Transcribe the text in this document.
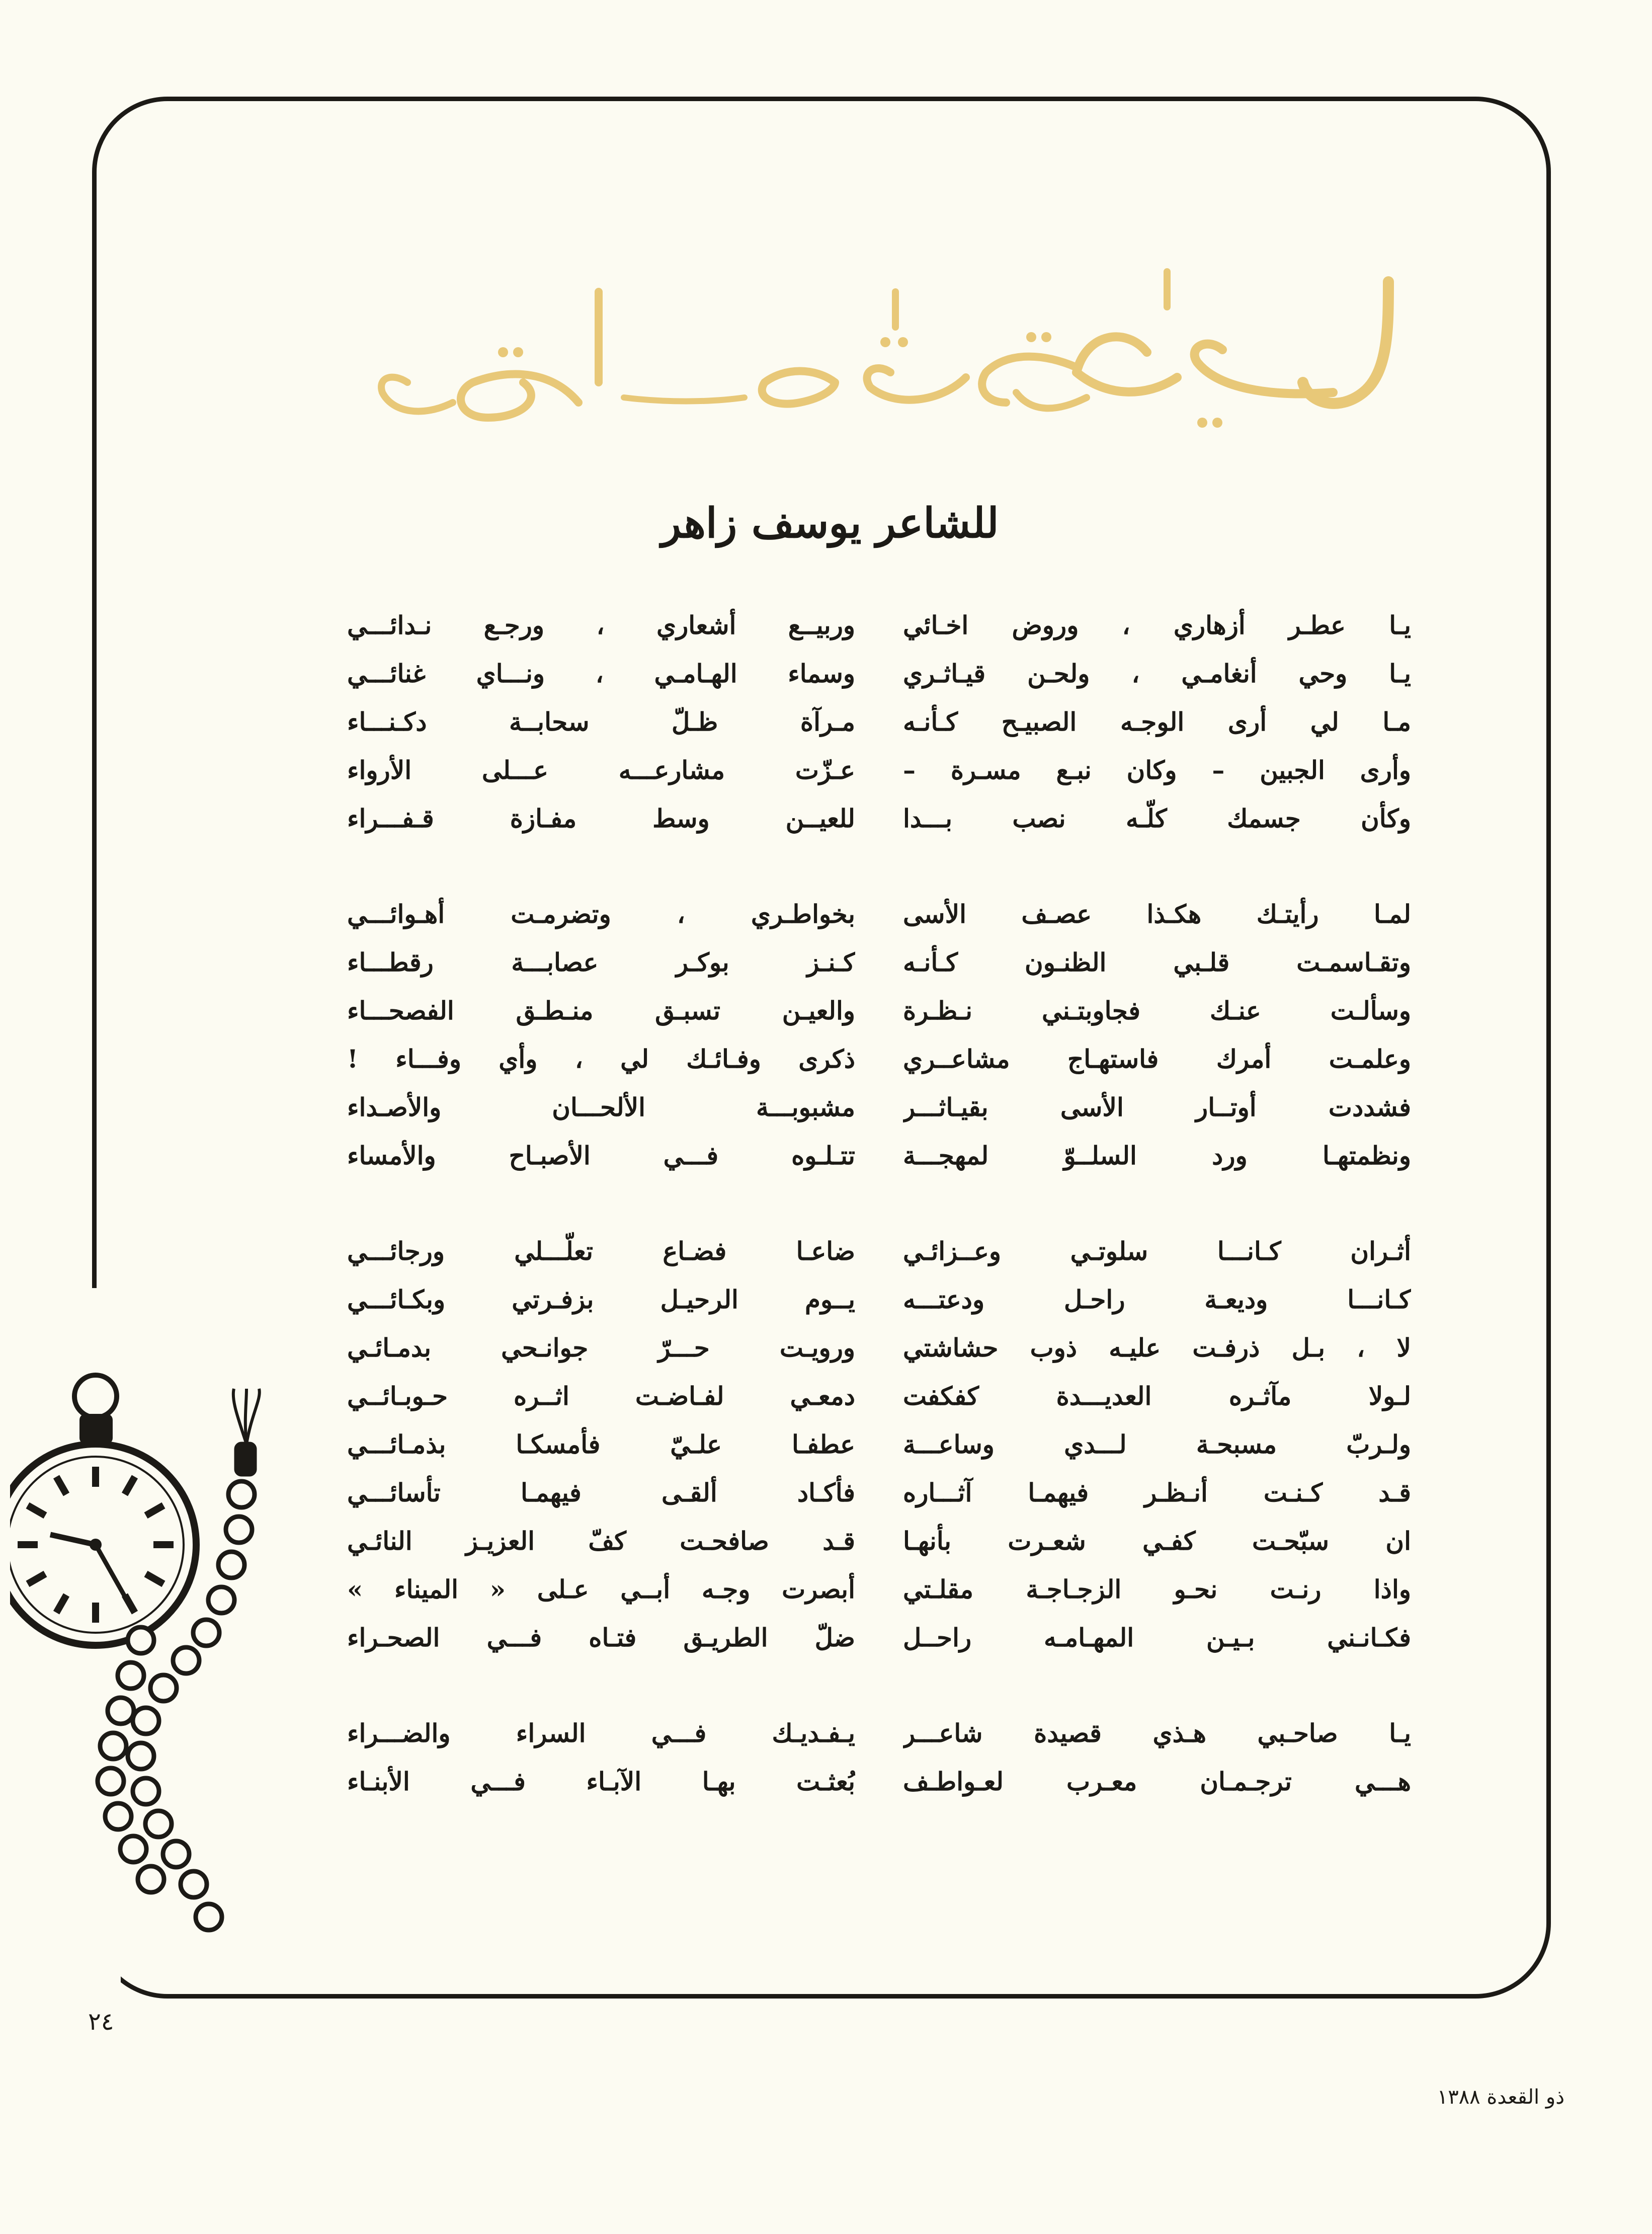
للشاعر يوسف زاهر
يـا عطـر أزهاري ، وروض اخـائي
يـا وحي أنغامـي ، ولحـن قيـاثـري
مـا لي أرى الوجـه الصبيـح كـأنـه
وأرى الجبين – وكان نبـع مسـرة –
وكأن جسمك كلّـه نصب بـــدا
لمـا رأيتـك هكـذا عصـف الأسى
وتقـاسمـت قلـبي الظنـون كـأنـه
وسألـت عنـك فجاوبتـني نـظـرة
وعلمـت أمرك فاستهـاج مشاعــري
فشددت أوتــار الأسى بقيـاثـــر
ونظمتهـا ورد السلــوّ لمهجـــة
أثـران كـانـــا سلوتـي وعــزائـي
كـانـــا وديعـة راحـل ودعتـــه
لا ، بـل ذرفـت عليـه ذوب حشاشتي
لـولا مآثـره العديـــدة كفكفت
ولـربّ مسبحـة لـــدي وساعـــة
قـد كـنـت أنـظـر فيهمـا آثـــاره
ان سبّحـت كفـي شعـرت بأنهـا
واذا رنـت نحـو الزجـاجـة مقلـتي
فكـانـني بـيـن المهـامـه راحــل
يـا صاحـبي هـذي قصيدة شاعـــر
هـــي ترجـمـان معـرب لعـواطـف
وربيــع أشعاري ، ورجـع نـدائـــي
وسماء الهـامـي ، ونـــاي غنائـــي
مـرآة ظـلّ سحابــة دكـنـــاء
عـزّت مشارعـــه عـــلى الأرواء
للعيــن وسط مفـازة قـفـــراء
بخواطـري ، وتضرمـت أهـوائـــي
كـنـز بوكـر عصابـــة رقطـــاء
والعيـن تسبـق منـطـق الفصحـــاء
ذكرى وفـائـك لي ، وأي وفـــاء !
مشبوبـــة الألحـــان والأصـداء
تتـلـوه فـــي الأصبـاح والأمساء
ضاعـا فضـاع تعلّـــلي ورجائـــي
يــوم الرحيـل بزفـرتي وبكـائـــي
ورويـت حـــرّ جوانـحي بدمـائـي
دمعـي لفـاضـت اثــره حـوبـائــي
عطفـا علـيّ فأمسكـا بذمـائـــي
فأكـاد ألقـى فيهمـا تأسائـــي
قـد صافحـت كفّ العزيـز النائـي
أبصرت وجـه أبــي عـلى « الميناء »
ضلّ الطريـق فتـاه فـــي الصحـراء
يـفـديـك فـــي السراء والضـــراء
بُعثـت بهـا الآبـاء فـــي الأبنـاء
٢٤
ذو القعدة ١٣٨٨
